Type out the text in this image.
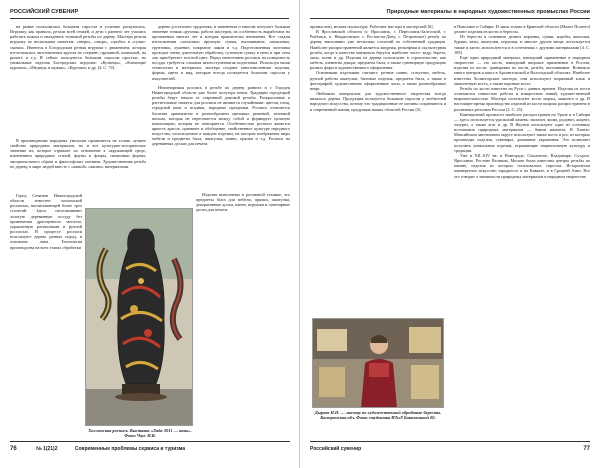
РОССИЙСКИЙ СУВЕНИР

на рынке пользовалась большим спросом и успешно раскупалась. Игрушку, как правило, резали всей семьей, и дети с раннего лет учились работать ножом и овладевать техникой резьбы по дереву. Мастера резали игрушку по нескольким сюжетам: «звери», «люди», «грибы» и «сучки-сказки». Имеются в Богородском резная игрушка с движением, которая изготовлялась заготовочным кругом на стержне, пружиной, шпилькой, на рычаге и т.д. И сейчас пользуются большим спросом простые, но уникальные изделия Богородских игрушек: «Кузнецы», «Клюющие курочки», «Медведь и мужик», «Курочки» и др. [4. С. 74].

В произведениях народных умельцев проявляется не только лучшее свойство природных материалов, но и все культурно-историческое значение их, которое отражает их отношение к окружающей среде, изменением природных стилей, фауны и флоры, символики формы, эмоционального образа и философских мотивов. Художественная резьба по дереву, в мире людей вместе с «живой» «жизни» материалами.

Город Семенов Нижегородской области известен хохломской росписью, насчитывающей более трех столетий. Здесь изготавливают золотую деревянную посуду без применения драгоценного металла, украшенную расписными и ручной росписью. В процессе росписи используют дерево разных пород, в основном липа. Технология производства на всех этапах обработки

дерева достаточно трудоемка, в изменении и многом получает большая значение тонкая «ручная» работа мастеров, их особенность выработана на протяжении многих лет и которая практически неизменна. Все стадии изготовления «хохломы» вручную: сушка, вытачивание, шпаклевка, грунтовка, лужение, покрытие лаком и т.д. Подготовленная заготовка проходит очень длительную обработку, суточную сушку в печи и при этом лак приобретает золотой цвет. Перед нанесением росписи на поверхность посуды требуется сложная многоступенчатая подготовка. Используя наши технологии и материалы, мастера создают многочисленные изделия, формы, цвета и вид, которые всегда пользуются большим спросом у покупателей.

Неповторимая роспись в резьбе по дереву развита и г. Городец Нижегородской области уже более полутора веков. Традиции городецкой резьбы берут начало от старинной домовой резьбы. Раскрасочные и растительные сюжеты для росписи не являются случайными: цветов, птиц, городской конь и всадник, народные праздники. Роспись отличается богатым орнаментом и разнообразием цветовых решений, техникой письма, которая не пересекается между собой и формирует цельную композицию, которая не повторяется. Особенностью росписи является яркость красок, орнамент и обобщение, свойственное культуре народного искусства, используемые в каждом изделии, на котором изображены виды мебели и предметы быта, шкатулки, панно, прялки и т.д. Роспись на деревянных досках для печати.

Изделия выполнены в различной технике, это предметы быта для мебели, прялки, шкатулки, декоративные доски, панно, игрушки и сувенирные доски для печати.

Хохломская роспись. Выставка «Лада-2011 — ковы». Фото Чаус Н.В.
76	№ 1(21)2	Современные проблемы сервиса и туризма
Природные материалы в народных художественных промыслах России

промыслов), мелкая скульптура. Работают мастера в мастерской [6].

В Ярославской области (г. Ярославль, г. Переславль-Залесский, г. Рыбинск, п. Некрасовское, г. Ростов-на-Дону, с. Петровское) резьбу по дереву выполняют уже несколько столетий по собственной традиции. Наиболее распространенной является ажурная, рельефная и скульптурная резьба, когда в качестве материала берутся наиболее часто: кедр, береза, липа, ясень и др. Изделия из дерева используют в строительстве, как мебель, элементы декора, предметы быта, а также сувенирную продукцию разных форм и художественного оформления.

Основными изделиями считают: резные панно, статуэтки, мебель, ручной работы шкатулки, бытовые изделия, предметы быта, а также в фотографий, художественно оформленные часы, а также разнообразные вещи.

Любимым материалом для художественного творчества всегда являлось дерево. Продукция пользуется большим спросом у любителей народного искусства, потому что традиционные ее мотивы сохраняются и в современной жизни, продукция наших областей России [3].

Дырова Н.П. — мастер по художественной обработке бересты. Костромская обл. Фото студентка ИТиЛ Бакалюшкой Ю.

в Поволжье и Сибири. И лишь только в Брянской области (Малое Полюто) делают изделия из кости и бересты.

Из бересты в основном делают корзины, сумки, коробы, кошелки, бураки, вазы, шкатулки, игрушки, и многие другие вещи; используется также и лапти, используются и в сочетаниях с другими материалами [4. С. 109].

Еще один природный материал, нашедший применение в народном творчестве — это кость, нашедший широкое применение в России, изделия из кости: гравировка по кости, резьба, вытачивание. Возникло много центров и школ в Архангельской и Вологодской областях. Наиболее известны Холмогорские мастера, они используют моржовый клык и мамонтовую кость, а также коровью кость.

Резьба по кости известна на Руси с давних времен. Изделия из кости отличаются тонкостью работы и изяществом линий, художественной выразительностью. Мастера используют кость моржа, мамонта и др. В настоящее время производство изделий из кости широко распространено в различных регионах России [2. С. 25].

Камнерезный промысел наиболее распространен на Урале и в Сибири — здесь используется уральский камень: малахит, яшма, родонит, жадеит, лазурит, а также агат и др. В Якутии используют один из основных источников природных материалов — бивни мамонта. В Ханты-Мансийском автономном округе используют также кость и рог, из которых производят изделия, сувениры, домашние украшения. Это позволяет получить уникальные изделия, отражающие национальную культуру и традиции.

Уже в XII–XIV вв. в Новгороде, Смоленске, Владимире, Суздале, Ярославле, Ростове Великом, Москве были известны центры резьбы по камню, изделия из которых пользовались спросом. Исторически камнерезное искусство зародилось и на Кавказе, и в Средней Азии. Все это говорит о значимости природных материалов в народном творчестве.

Российский сувенир	77
